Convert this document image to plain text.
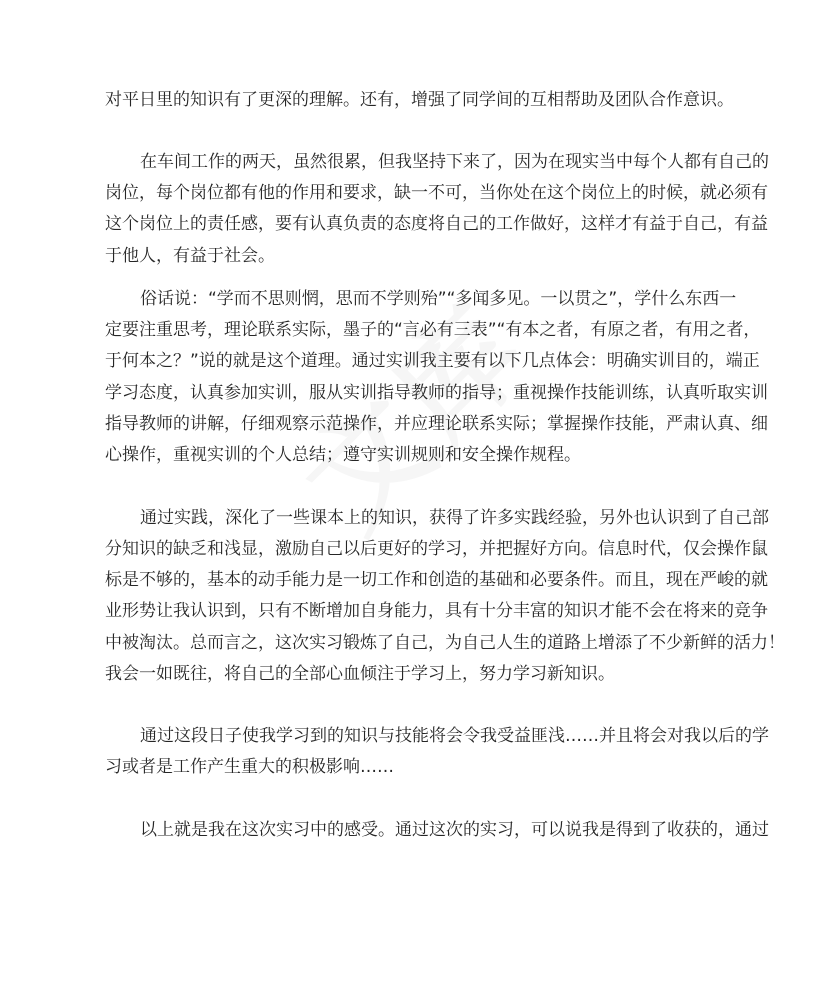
对平日里的知识有了更深的理解。还有，增强了同学间的互相帮助及团队合作意识。
在车间工作的两天，虽然很累，但我坚持下来了，因为在现实当中每个人都有自己的
岗位，每个岗位都有他的作用和要求，缺一不可，当你处在这个岗位上的时候，就必须有
这个岗位上的责任感，要有认真负责的态度将自己的工作做好，这样才有益于自己，有益
于他人，有益于社会。
俗话说：“学而不思则惘，思而不学则殆”“多闻多见。一以贯之”，学什么东西一
定要注重思考，理论联系实际，墨子的“言必有三表”“有本之者，有原之者，有用之者，
于何本之？”说的就是这个道理。通过实训我主要有以下几点体会：明确实训目的，端正
学习态度，认真参加实训，服从实训指导教师的指导；重视操作技能训练，认真听取实训
指导教师的讲解，仔细观察示范操作，并应理论联系实际；掌握操作技能，严肃认真、细
心操作，重视实训的个人总结；遵守实训规则和安全操作规程。
通过实践，深化了一些课本上的知识，获得了许多实践经验，另外也认识到了自己部
分知识的缺乏和浅显，激励自己以后更好的学习，并把握好方向。信息时代，仅会操作鼠
标是不够的，基本的动手能力是一切工作和创造的基础和必要条件。而且，现在严峻的就
业形势让我认识到，只有不断增加自身能力，具有十分丰富的知识才能不会在将来的竞争
中被淘汰。总而言之，这次实习锻炼了自己，为自己人生的道路上增添了不少新鲜的活力！
我会一如既往，将自己的全部心血倾注于学习上，努力学习新知识。
通过这段日子使我学习到的知识与技能将会令我受益匪浅……并且将会对我以后的学
习或者是工作产生重大的积极影响……
以上就是我在这次实习中的感受。通过这次的实习，可以说我是得到了收获的，通过
